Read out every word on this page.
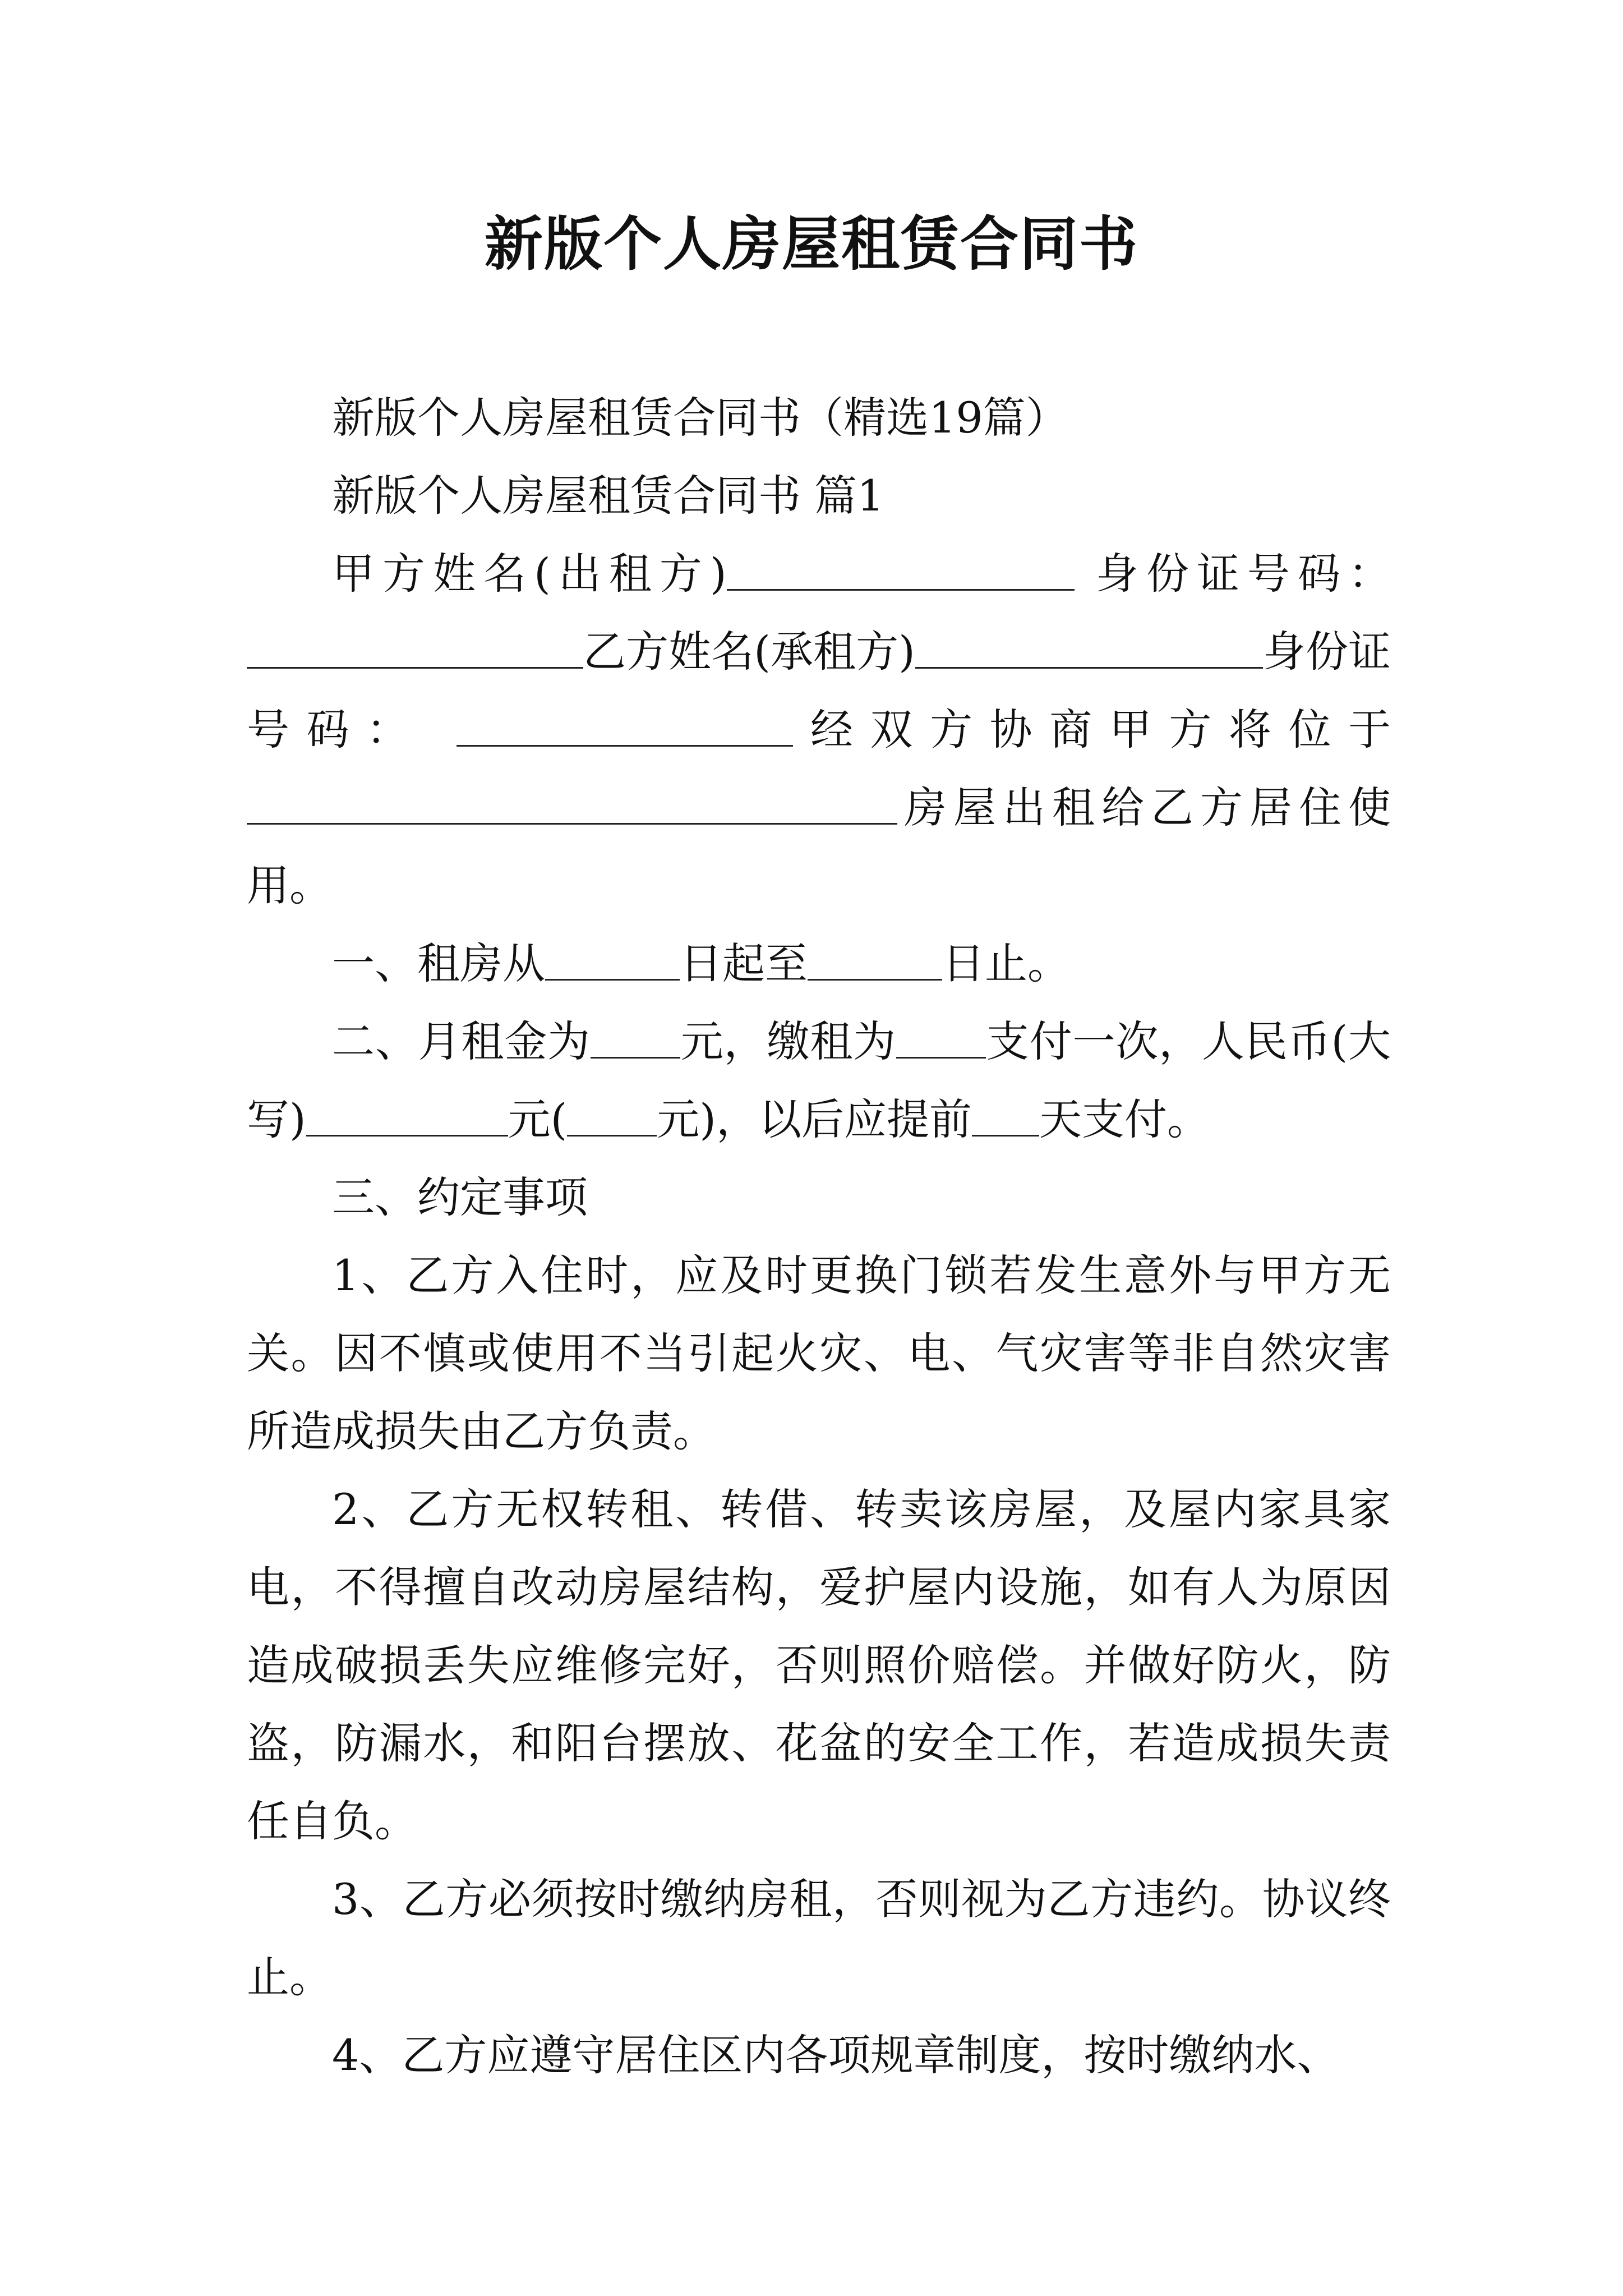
新版个人房屋租赁合同书

新版个人房屋租赁合同书（精选19篇）

新版个人房屋租赁合同书 篇1

甲方姓名(出租方)	身份证号码：乙方姓名(承租方)	身份证号码：	经双方协商甲方将位于房屋出租给乙方居住使用。

一、租房从	日起至	日止。

二、月租金为 元，缴租为 支付一次，人民币(大写)	元( 元)，以后应提前 天支付。

三、约定事项

1、乙方入住时，应及时更换门锁若发生意外与甲方无关。因不慎或使用不当引起火灾、电、气灾害等非自然灾害所造成损失由乙方负责。

2、乙方无权转租、转借、转卖该房屋，及屋内家具家电，不得擅自改动房屋结构，爱护屋内设施，如有人为原因造成破损丢失应维修完好，否则照价赔偿。并做好防火，防盗，防漏水，和阳台摆放、花盆的安全工作，若造成损失责任自负。

3、乙方必须按时缴纳房租，否则视为乙方违约。协议终止。

4、乙方应遵守居住区内各项规章制度，按时缴纳水、
